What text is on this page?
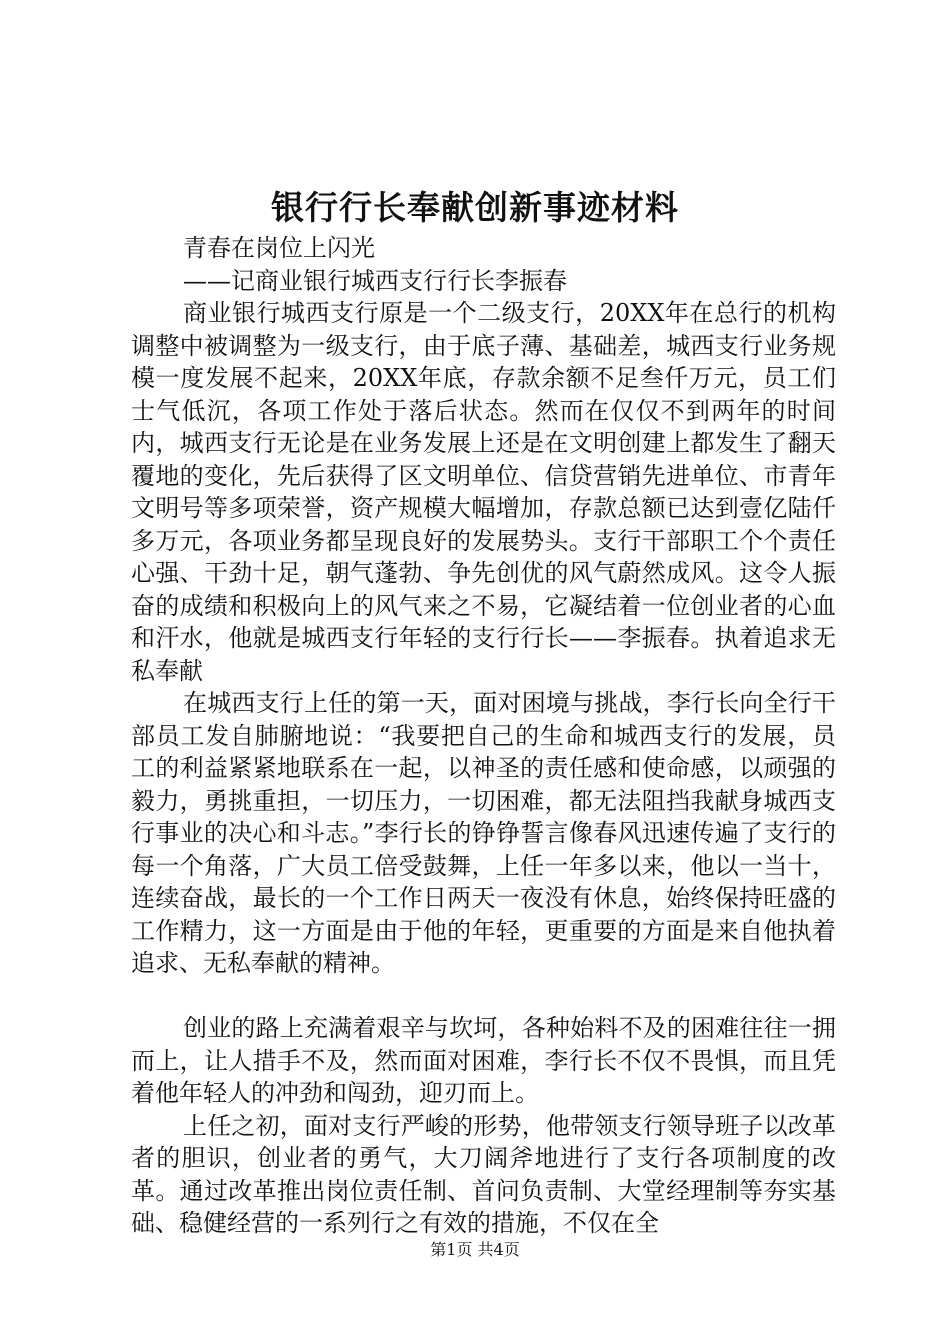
银行行长奉献创新事迹材料

青春在岗位上闪光

——记商业银行城西支行行长李振春

商业银行城西支行原是一个二级支行，20XX年在总行的机构调整中被调整为一级支行，由于底子薄、基础差，城西支行业务规模一度发展不起来，20XX年底，存款余额不足叁仟万元，员工们士气低沉，各项工作处于落后状态。然而在仅仅不到两年的时间内，城西支行无论是在业务发展上还是在文明创建上都发生了翻天覆地的变化，先后获得了区文明单位、信贷营销先进单位、市青年文明号等多项荣誉，资产规模大幅增加，存款总额已达到壹亿陆仟多万元，各项业务都呈现良好的发展势头。支行干部职工个个责任心强、干劲十足，朝气蓬勃、争先创优的风气蔚然成风。这令人振奋的成绩和积极向上的风气来之不易，它凝结着一位创业者的心血和汗水，他就是城西支行年轻的支行行长——李振春。执着追求无私奉献

在城西支行上任的第一天，面对困境与挑战，李行长向全行干部员工发自肺腑地说：“我要把自己的生命和城西支行的发展，员工的利益紧紧地联系在一起，以神圣的责任感和使命感，以顽强的毅力，勇挑重担，一切压力，一切困难，都无法阻挡我献身城西支行事业的决心和斗志。”李行长的铮铮誓言像春风迅速传遍了支行的每一个角落，广大员工倍受鼓舞，上任一年多以来，他以一当十，连续奋战，最长的一个工作日两天一夜没有休息，始终保持旺盛的工作精力，这一方面是由于他的年轻，更重要的方面是来自他执着追求、无私奉献的精神。

创业的路上充满着艰辛与坎坷，各种始料不及的困难往往一拥而上，让人措手不及，然而面对困难，李行长不仅不畏惧，而且凭着他年轻人的冲劲和闯劲，迎刃而上。

上任之初，面对支行严峻的形势，他带领支行领导班子以改革者的胆识，创业者的勇气，大刀阔斧地进行了支行各项制度的改革。通过改革推出岗位责任制、首问负责制、大堂经理制等夯实基础、稳健经营的一系列行之有效的措施，不仅在全

第1页 共4页
